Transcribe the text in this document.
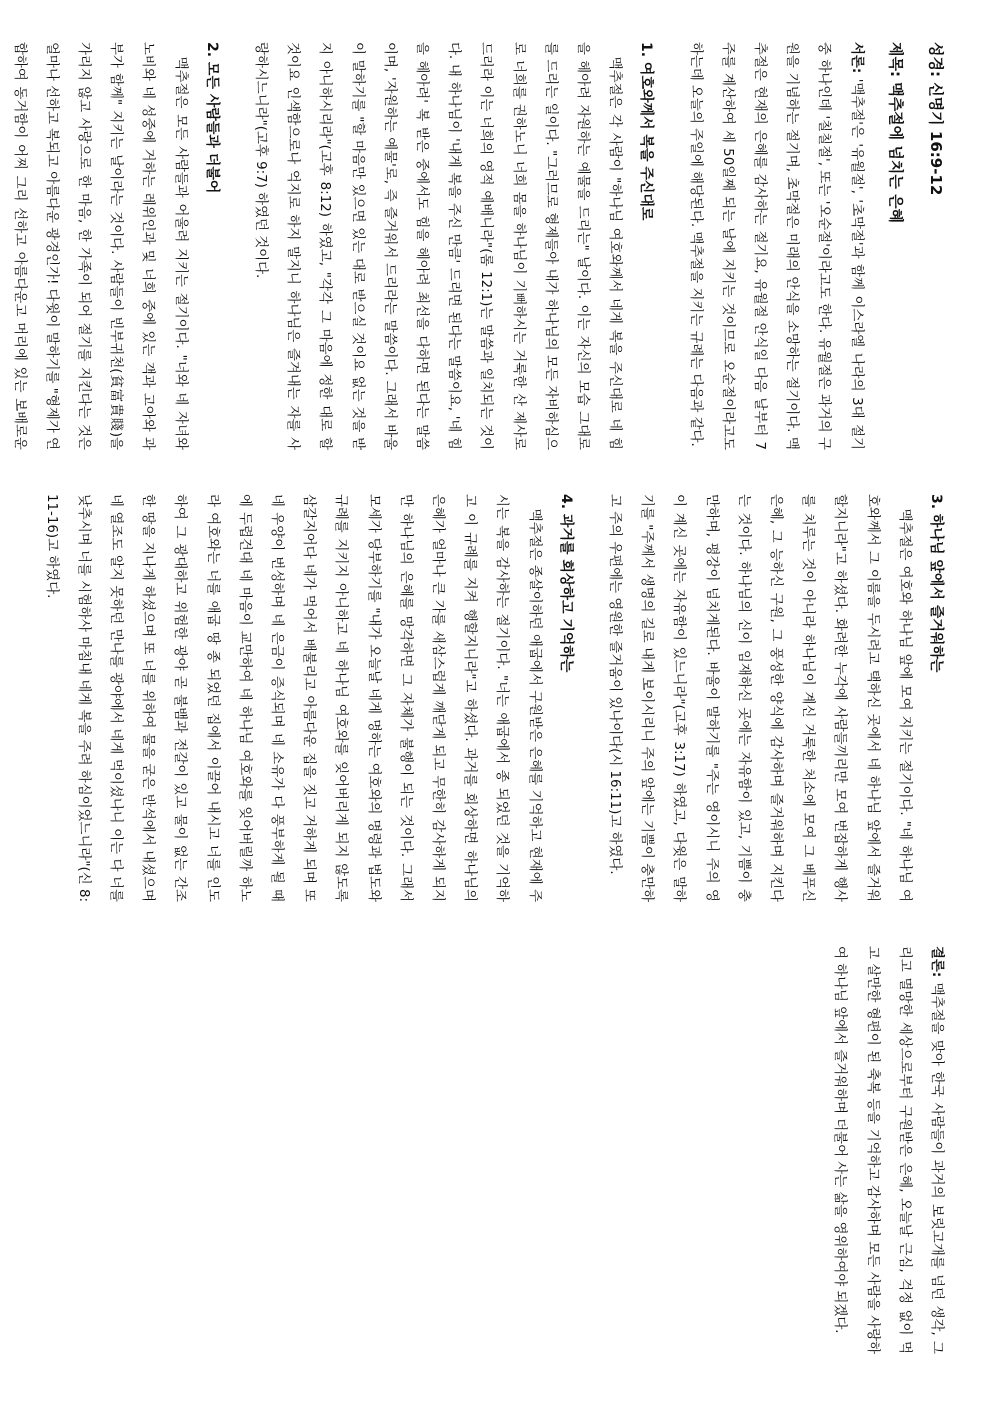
성경: 신명기 16:9-12
제목: 맥추절에 넘치는 은혜

서론: '맥추절'은 '유월절', '초막절'과 함께 이스라엘 나라의 3대 절기 중 하나인데 '칠칠절', 또는 '오순절'이라고도 한다. 유월절은 과거의 구원을 기념하는 절기며, 초막절은 미래의 안식을 소망하는 절기이다. 맥추절은 현재의 은혜를 감사하는 절기요, 유월절 안식일 다음 날부터 7주를 계산하여 세 50일째 되는 날에 지키는 것이므로 오순절이라고도 하는데 오늘의 주일에 해당된다. 맥추절을 지키는 규례는 다음과 같다.

1. 여호와께서 복을 주신대로

맥추절은 각 사람이 "하나님 여호와께서 네게 복을 주신대로 네 힘을 헤아려 자원하는 예물을 드리는" 날이다. 이는 자신의 모습 그대로를 드리는 일이다. "그러므로 형제들아 내가 하나님의 모든 자비하심으로 너희를 권하노니 너희 몸을 하나님이 기뻐하시는 거룩한 산 제사로 드리라 이는 너희의 영적 예배니라"(롬 12:1)는 말씀과 일치되는 것이다. 내 하나님이 '내게 복을 주신 만큼' 드리면 된다는 말씀이요, '네 힘을 헤아려' 복 받은 중에서도 힘을 헤아려 최선을 다하면 된다는 말씀이며, '자원하는 예물'로, 즉 즐거워서 드리라는 말씀이다. 그래서 바울이 말하기를 "할 마음만 있으면 있는 대로 받으실 것이요 없는 것을 받지 아니하시리라"(고후 8:12) 하였고, "각각 그 마음에 정한 대로 할 것이요 인색함으로나 억지로 하지 말지니 하나님은 즐겨내는 자를 사랑하시느니라"(고후 9:7) 하였던 것이다.

2. 모든 사람들과 더불어

맥추절은 모든 사람들과 어울려 지키는 절기이다. "너와 네 자녀와 노비와 네 성중에 거하는 레위인과 및 너희 중에 있는 객과 고아와 과부가 함께" 지키는 날이라는 것이다. 사람들이 빈부귀천(貧富貴賤)을 가리지 않고 사랑으로 한 마음, 한 가족이 되어 절기를 지킨다는 것은 얼마나 선하고 복되고 아름다운 광경인가! 다윗이 말하기를 "형제가 연합하여 동거함이 어찌 그리 선하고 아름다운고 머리에 있는 보배로운

3. 하나님 앞에서 즐거워하는

맥추절은 여호와 하나님 앞에 모여 지키는 절기이다. "네 하나님 여호와께서 그 이름을 두시려고 택하신 곳에서 네 하나님 앞에서 즐거워 할지니라"고 하셨다. 화려한 누각에 사람들끼리만 모여 번잡하게 행사를 치루는 것이 아니라 하나님이 계신 거룩한 처소에 모여 그 베푸신 은혜, 그 능하신 구원, 그 풍성한 양식에 감사하며 즐거워하며 지킨다는 것이다. 하나님의 신이 임재하신 곳에는 자유함이 있고, 기쁨이 충만하며, 평강이 넘치게된다. 바울이 말하기를 "주는 영이시니 주의 영이 계신 곳에는 자유함이 있느니라"(고후 3:17) 하였고, 다윗은 말하기를 "주께서 생명의 길로 내게 보이시리니 주의 앞에는 기쁨이 충만하고 주의 우편에는 영원한 즐거움이 있나이다(시 16:11)고 하였다.

4. 과거를 회상하고 기억하는

맥추절은 종살이하던 애굽에서 구원받은 은혜를 기억하고 현재에 주시는 복을 감사하는 절기이다. "너는 애굽에서 종 되었던 것을 기억하고 이 규례를 지켜 행할지니라"고 하셨다. 과거를 회상하면 하나님의 은혜가 얼마나 큰 가를 새삼스럽게 깨닫게 되고 무한히 감사하게 되지만 하나님의 은혜를 망각하면 그 자체가 불행이 되는 것이다. 그래서 모세가 당부하기를 "내가 오늘날 네게 명하는 여호와의 명령과 법도와 규례를 지키지 아니하고 네 하나님 여호와를 잊어버리게 되지 않도록 삼갈지어다 네가 먹어서 배불리고 아름다운 집을 짓고 거하게 되며 또 네 우양이 번성하며 네 은금이 증식되며 네 소유가 다 풍부하게 될 때에 두렵건대 네 마음이 교만하여 네 하나님 여호와를 잊어버릴까 하노라 여호와는 너를 애굽 땅 종 되었던 집에서 이끌어 내시고 너를 인도하여 그 광대하고 위험한 광야 곧 불뱀과 전갈이 있고 물이 없는 간조한 땅을 지나게 하셨으며 또 너를 위하여 물을 굳은 반석에서 내셨으며 네 열조도 알지 못하던 만나를 광야에서 네게 먹이셨나니 이는 다 너를 낮추시며 너를 시험하사 마침내 네게 복을 주려 하심이었느니라"(신 8:11-16)고 하였다.

결론: 맥추절을 맞아 한국 사람들이 과거의 보릿고개를 넘던 생각, 그리고 멸망한 세상으로부터 구원받은 은혜, 오늘날 근심, 걱정 없이 먹고 살만한 형편이 된 축복 등을 기억하고 감사하며 모든 사람을 사랑하여 하나님 앞에서 즐거워하며 더불어 사는 삶을 영위하여야 되겠다.
